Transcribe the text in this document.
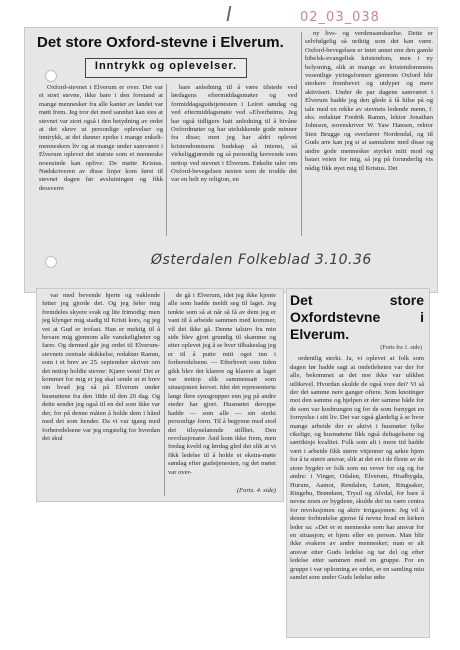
I	02_03_038
Det store Oxford-stevne i Elverum.
Inntrykk og oplevelser.

Oxford-stevnet i Elverum er over. Det var et stort stevne, ikke bare i den forstand at mange mennesker fra alle kanter av landet var møtt frem. Jeg tror det med sannhet kan sies at stevnet var stort også i den betydning av ordet at det skrev ut personlige oplevelser og inntrykk, at det danner epoke i mange enkelt-menneskers liv og at mange under samværet i Elverum oplevet det største som et menneske noensinde kan oplive: De møtte Kristus. Nødskriveren av disse linjer kom først til stevnet dagen før avslutningen og fikk dessverre

bare anledning til å være tilstede ved lørdagens eftermiddagsmøter og ved formiddagsgudstjenesten i Leiret søndag og ved eftermiddagsmøte ved »Elverhøims. Jeg har også tidligere hatt anledning til å bivåne Oxfordmøter og har utelukkende gode minner fra disse; men jeg har aldri oplevet kristendommens budskap så intenst, så virkeliggjørende og så personlig krevende som nettop ved stevnet i Elverum. Enkelte taler om Oxford-bevegelsen nesten som de trodde det var en helt ny religion, en

ny livs- og verdensanskuelse. Dette er selvfølgelig så uriktig som det kan være. Oxford-bevegelsen er intet annet enn den gamle bibelsk-evangelisk kristendom, men i ny belysning, slik at mange av kristendommens vesentlige ytringsformer gjennom Oxford blir sterkere frembevet og utdypet og mere aktivisert. Under de par dagene samværet i Elverum hadde jeg den glede å få hilse på og tale med en rekke av stevnets ledende menn, f. eks. redaktør Fredrik Ramm, lektor Jonathan Johnson, sorenskriver W. Yaw Hansen, rektor Sten Brugge og overlærer Nordendal, og til Guds ære kan jeg si at samtalene med disse og andre gode mennesker styrket mitt mod og bauet veien for mig, så jeg på forunderlig vis nådig fikk øyet mig til Kristus. Det

Østerdalen Folkeblad 3.10.36

var med bevende hjerte og vaklende føtter jeg gjorde det. Og jeg føler mig fremdeles skyere svak og lite frimodig: men jeg klynger mig stadig til Kristi kors, og jeg vet at Gud er trofast. Han er mektig til å bevare mig gjennom alle vanskeligheter og farer. Og dermed går jeg ordet til Elverum-stevnets centrale skikkelse, redaktør Ramm, som i et brev av 25. september skriver om det nettop holdte stevne: Kjære venn! Det er kommet for mig et jeg skal sende ut et brev om hvad jeg så på Elverum under husmøtene fra den 18de til den 20 dag. Og dette sender jeg også til en del som ikke var der, for på denne måten å holde dem i hånd med det som hender. Da vi var igang med forberedelsene var jeg engstelig for hvordan det skul

de gå i Elverum, idet jeg ikke kjente alle som hadde meldt seg til laget. Jeg tenkte som så at når så få av dem jeg er vant til å arbeide sammen med kommer, vil det ikke gå. Denne talstro fra min side blev gjort grundig til skamme og etter oplevet jeg å se hver tilbakeslag jeg er til å putte mitt oget inn i forberedelsene. — Efterhvert som tiden gikk blev det klarere og klarere at laget var nettop slik sammensatt som situasjonen krevet. Idet det representerte langt flere synsgrupper enn jeg på andre steder har gjort. Husmøtet deroppe hadde — som alle — sin sterkt personlige form. Til å begynne med stod det tilsynelatende stillhet. Den revolusjonære Ånd kom ikke frem, men fredag kveld og lørdag gled det slik at vi fikk ledelse til å holde et ekstra-møte søndag efter gudstjenesten, og det møtet var over-

(Forts. 4. side)
Det store Oxfordstevne i Elverum.
(Forts fra 1. side)

ordentlig sterkt. Ja, vi oplevet at folk som dagen før hadde sagt at ondetleheten var der for alle, bekommet at det noe ikke var ulikhet utlikevel. Hvordan skulde de også vore det? Vi så der det samme nere ganger oftere. Som knotinger mot den samme og hjelpen er der samme både for de som var kosbrungen og for de som fornyget en fornyelse i sitt liv. Det var også glædelig å se hvor mange arbeide der er aktivt i husmøter fylke rikelige, og husmøtene fikk også deltagelsene og særtiktsje kvalitet. Folk som alt i mere tid hadde vært i arbeide fikk større vitjenner og søkte hjem for å ta større ansvar, slik at det en i de fleste av de store bygder er folk som nu vever for sig og for andre: i Vinger, Odalen, Elverum, Hradbygda, Hurum, Aamot, Rendalen, Løten, Ringsaker, Ringebu, Brøndaen, Trysil og Alvdal, for bare å nevne noen av bygdene, skulde det nu være centra for revolusjonen og aktiv irrigasjonen. Jeg vil å denne forbindelse gjerne få nevne hvad en kirken leder sa: »Det er et menneske som har ansvar for en situasjon; et hjem eller en person. Man blir ikke svakere av andre mennesker; man er alt ansvar etter Guds ledelse og tar del og efter ledelse etter sammen med en gruppe. For en gruppe i var oplosning av ordet, er en samling min samlet som under Guds ledelse ødte
